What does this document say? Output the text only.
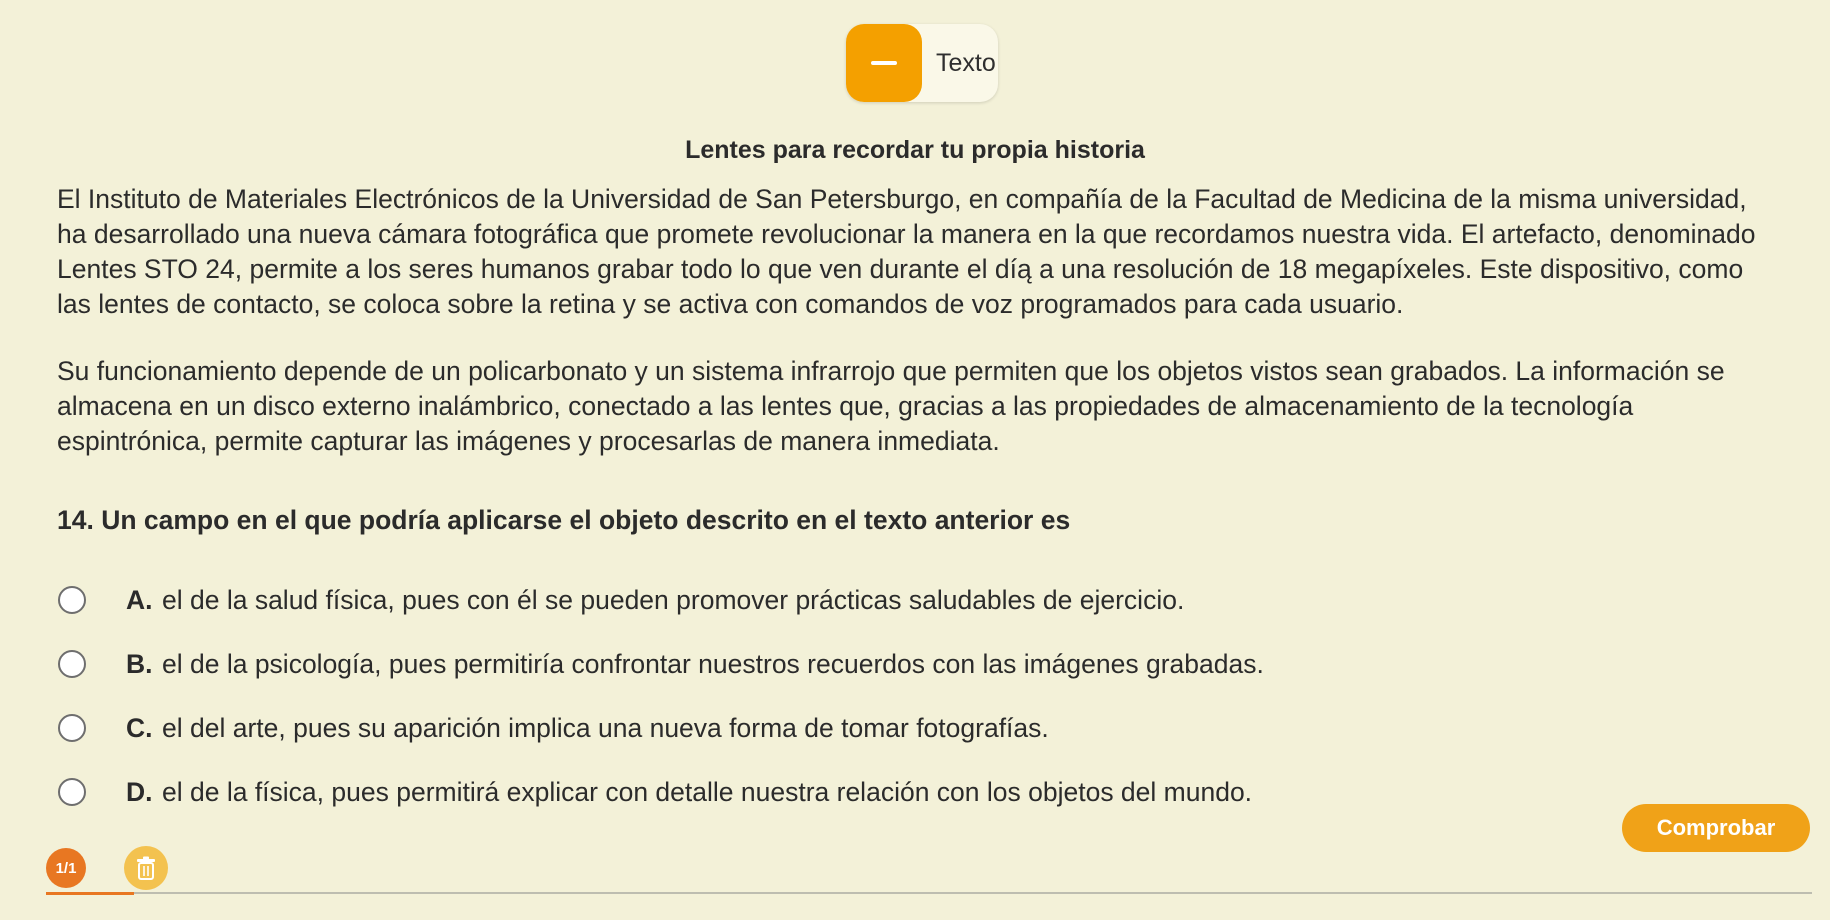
Texto
Lentes para recordar tu propia historia

El Instituto de Materiales Electrónicos de la Universidad de San Petersburgo, en compañía de la Facultad de Medicina de la misma universidad, ha desarrollado una nueva cámara fotográfica que promete revolucionar la manera en la que recordamos nuestra vida. El artefacto, denominado Lentes STO 24, permite a los seres humanos grabar todo lo que ven durante el díą a una resolución de 18 megapíxeles. Este dispositivo, como las lentes de contacto, se coloca sobre la retina y se activa con comandos de voz programados para cada usuario.

Su funcionamiento depende de un policarbonato y un sistema infrarrojo que permiten que los objetos vistos sean grabados. La información se almacena en un disco externo inalámbrico, conectado a las lentes que, gracias a las propiedades de almacenamiento de la tecnología espintrónica, permite capturar las imágenes y procesarlas de manera inmediata.

14. Un campo en el que podría aplicarse el objeto descrito en el texto anterior es
A. el de la salud física, pues con él se pueden promover prácticas saludables de ejercicio.
B. el de la psicología, pues permitiría confrontar nuestros recuerdos con las imágenes grabadas.
C. el del arte, pues su aparición implica una nueva forma de tomar fotografías.
D. el de la física, pues permitirá explicar con detalle nuestra relación con los objetos del mundo.
Comprobar
1/1
